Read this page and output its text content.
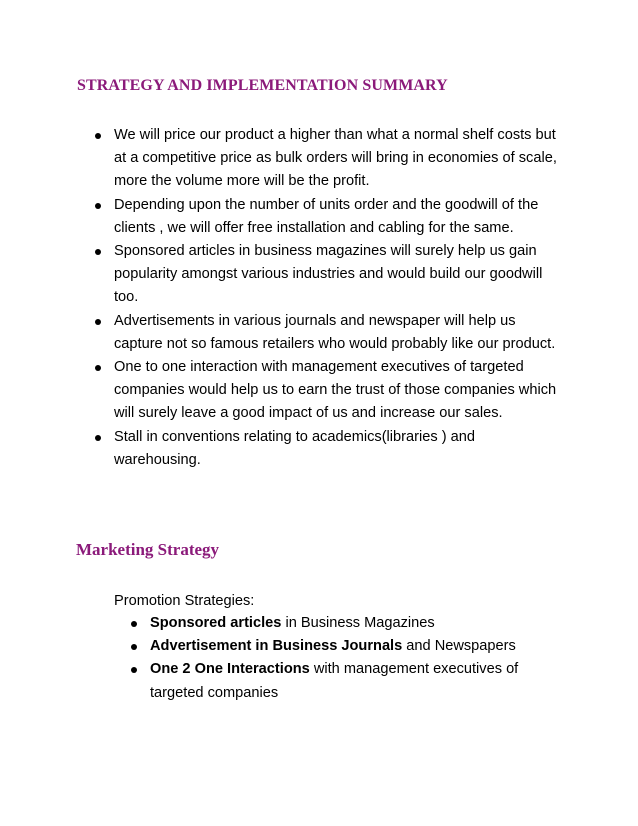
STRATEGY AND IMPLEMENTATION SUMMARY
We will price our product a higher than what a normal shelf costs but at a competitive price as bulk orders will bring in economies of scale, more the volume more will be the profit.
Depending upon the number of units order and the goodwill of the clients , we will offer free installation and cabling for the same.
Sponsored articles in business magazines will surely help us gain popularity amongst various industries and would build our goodwill too.
Advertisements in various journals and newspaper will help us capture not so famous retailers who would probably like our product.
One to one interaction with management executives of targeted companies would help us to earn the trust of those companies which will surely leave a good impact of us and increase our sales.
Stall in conventions relating to academics(libraries ) and warehousing.
Marketing Strategy

Promotion Strategies:

Sponsored articles in Business Magazines
Advertisement in Business Journals and Newspapers
One 2 One Interactions with management executives of targeted companies
